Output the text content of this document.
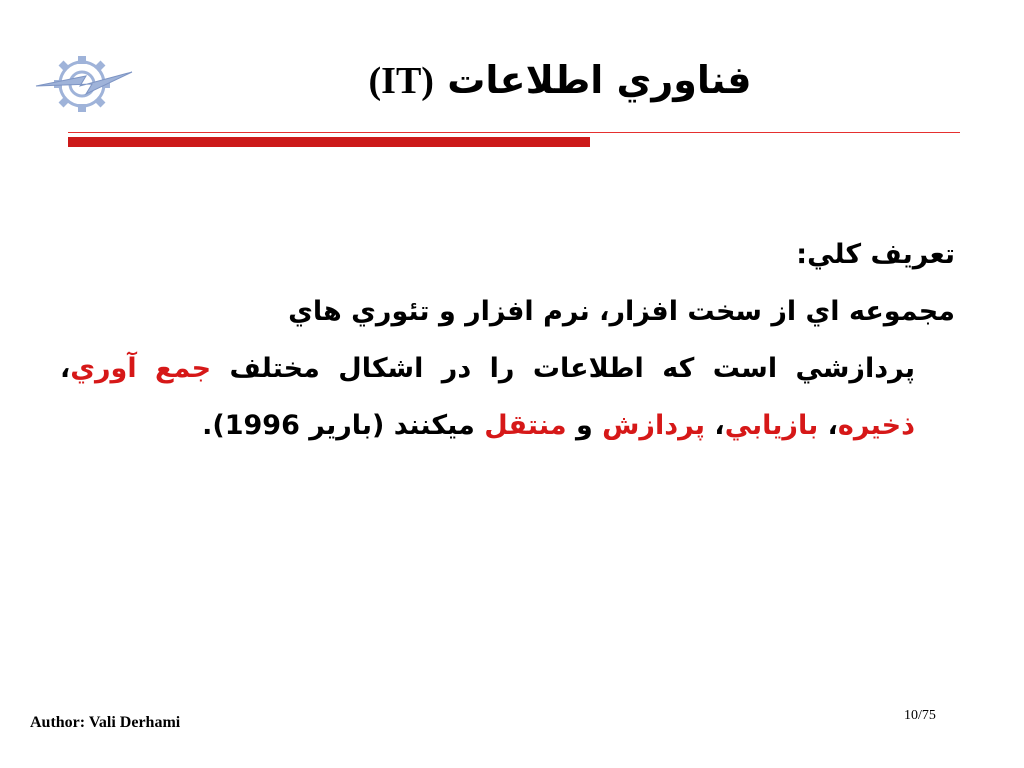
فناوري اطلاعات (IT)

تعريف كلي:

مجموعه اي از سخت افزار، نرم افزار و تئوري هاي

پردازشي است كه اطلاعات را در اشكال مختلف جمع آوري، ذخيره، بازيابي، پردازش و منتقل ميكنند (بارير 1996).

Author: Vali Derhami	10/75
